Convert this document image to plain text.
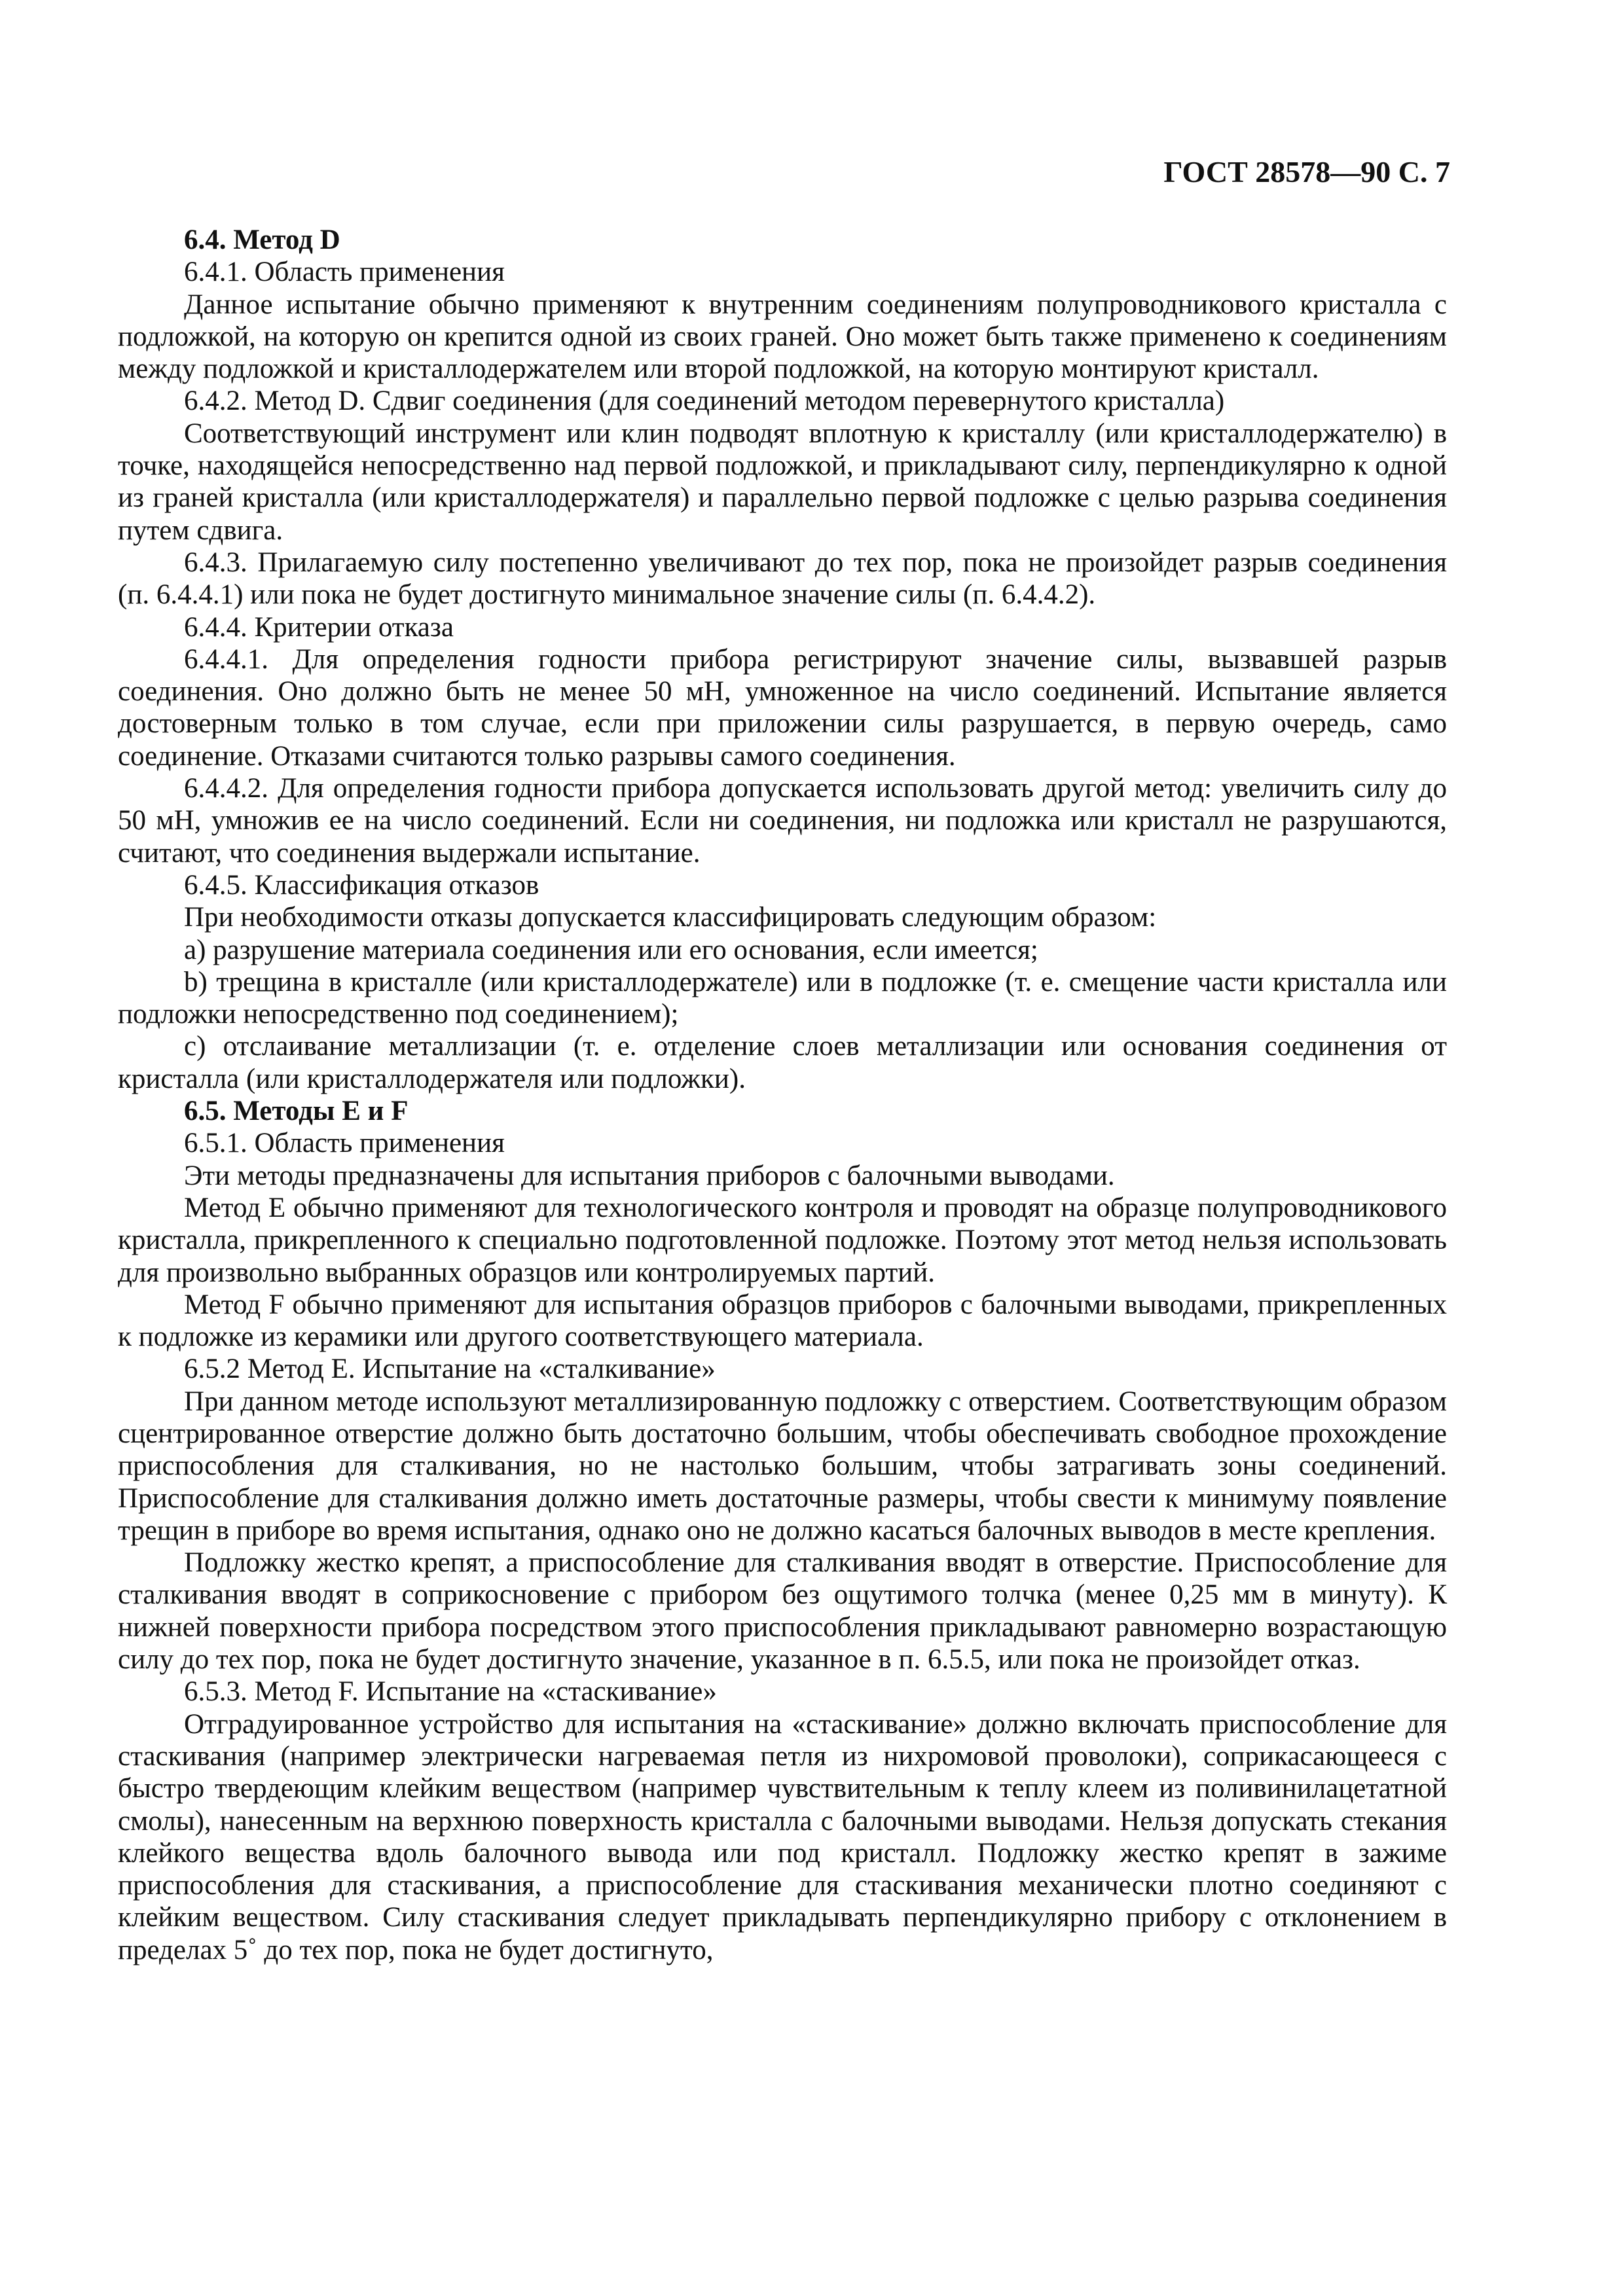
ГОСТ 28578—90 С. 7

6.4. Метод D

6.4.1. Область применения

Данное испытание обычно применяют к внутренним соединениям полупроводникового кристалла с подложкой, на которую он крепится одной из своих граней. Оно может быть также применено к соединениям между подложкой и кристаллодержателем или второй подложкой, на которую монтируют кристалл.

6.4.2. Метод D. Сдвиг соединения (для соединений методом перевернутого кристалла)

Соответствующий инструмент или клин подводят вплотную к кристаллу (или кристаллодержателю) в точке, находящейся непосредственно над первой подложкой, и прикладывают силу, перпендикулярно к одной из граней кристалла (или кристаллодержателя) и параллельно первой подложке с целью разрыва соединения путем сдвига.

6.4.3. Прилагаемую силу постепенно увеличивают до тех пор, пока не произойдет разрыв соединения (п. 6.4.4.1) или пока не будет достигнуто минимальное значение силы (п. 6.4.4.2).

6.4.4. Критерии отказа

6.4.4.1. Для определения годности прибора регистрируют значение силы, вызвавшей разрыв соединения. Оно должно быть не менее 50 мН, умноженное на число соединений. Испытание является достоверным только в том случае, если при приложении силы разрушается, в первую очередь, само соединение. Отказами считаются только разрывы самого соединения.

6.4.4.2. Для определения годности прибора допускается использовать другой метод: увеличить силу до 50 мН, умножив ее на число соединений. Если ни соединения, ни подложка или кристалл не разрушаются, считают, что соединения выдержали испытание.

6.4.5. Классификация отказов

При необходимости отказы допускается классифицировать следующим образом:

a) разрушение материала соединения или его основания, если имеется;

b) трещина в кристалле (или кристаллодержателе) или в подложке (т. е. смещение части кристалла или подложки непосредственно под соединением);

c) отслаивание металлизации (т. е. отделение слоев металлизации или основания соединения от кристалла (или кристаллодержателя или подложки).

6.5. Методы Е и F

6.5.1. Область применения

Эти методы предназначены для испытания приборов с балочными выводами.

Метод Е обычно применяют для технологического контроля и проводят на образце полупроводникового кристалла, прикрепленного к специально подготовленной подложке. Поэтому этот метод нельзя использовать для произвольно выбранных образцов или контролируемых партий.

Метод F обычно применяют для испытания образцов приборов с балочными выводами, прикрепленных к подложке из керамики или другого соответствующего материала.

6.5.2 Метод Е. Испытание на «сталкивание»

При данном методе используют металлизированную подложку с отверстием. Соответствующим образом сцентрированное отверстие должно быть достаточно большим, чтобы обеспечивать свободное прохождение приспособления для сталкивания, но не настолько большим, чтобы затрагивать зоны соединений. Приспособление для сталкивания должно иметь достаточные размеры, чтобы свести к минимуму появление трещин в приборе во время испытания, однако оно не должно касаться балочных выводов в месте крепления.

Подложку жестко крепят, а приспособление для сталкивания вводят в отверстие. Приспособление для сталкивания вводят в соприкосновение с прибором без ощутимого толчка (менее 0,25 мм в минуту). К нижней поверхности прибора посредством этого приспособления прикладывают равномерно возрастающую силу до тех пор, пока не будет достигнуто значение, указанное в п. 6.5.5, или пока не произойдет отказ.

6.5.3. Метод F. Испытание на «стаскивание»

Отградуированное устройство для испытания на «стаскивание» должно включать приспособление для стаскивания (например электрически нагреваемая петля из нихромовой проволоки), соприкасающееся с быстро твердеющим клейким веществом (например чувствительным к теплу клеем из поливинилацетатной смолы), нанесенным на верхнюю поверхность кристалла с балочными выводами. Нельзя допускать стекания клейкого вещества вдоль балочного вывода или под кристалл. Подложку жестко крепят в зажиме приспособления для стаскивания, а приспособление для стаскивания механически плотно соединяют с клейким веществом. Силу стаскивания следует прикладывать перпендикулярно прибору с отклонением в пределах 5˚ до тех пор, пока не будет достигнуто,
